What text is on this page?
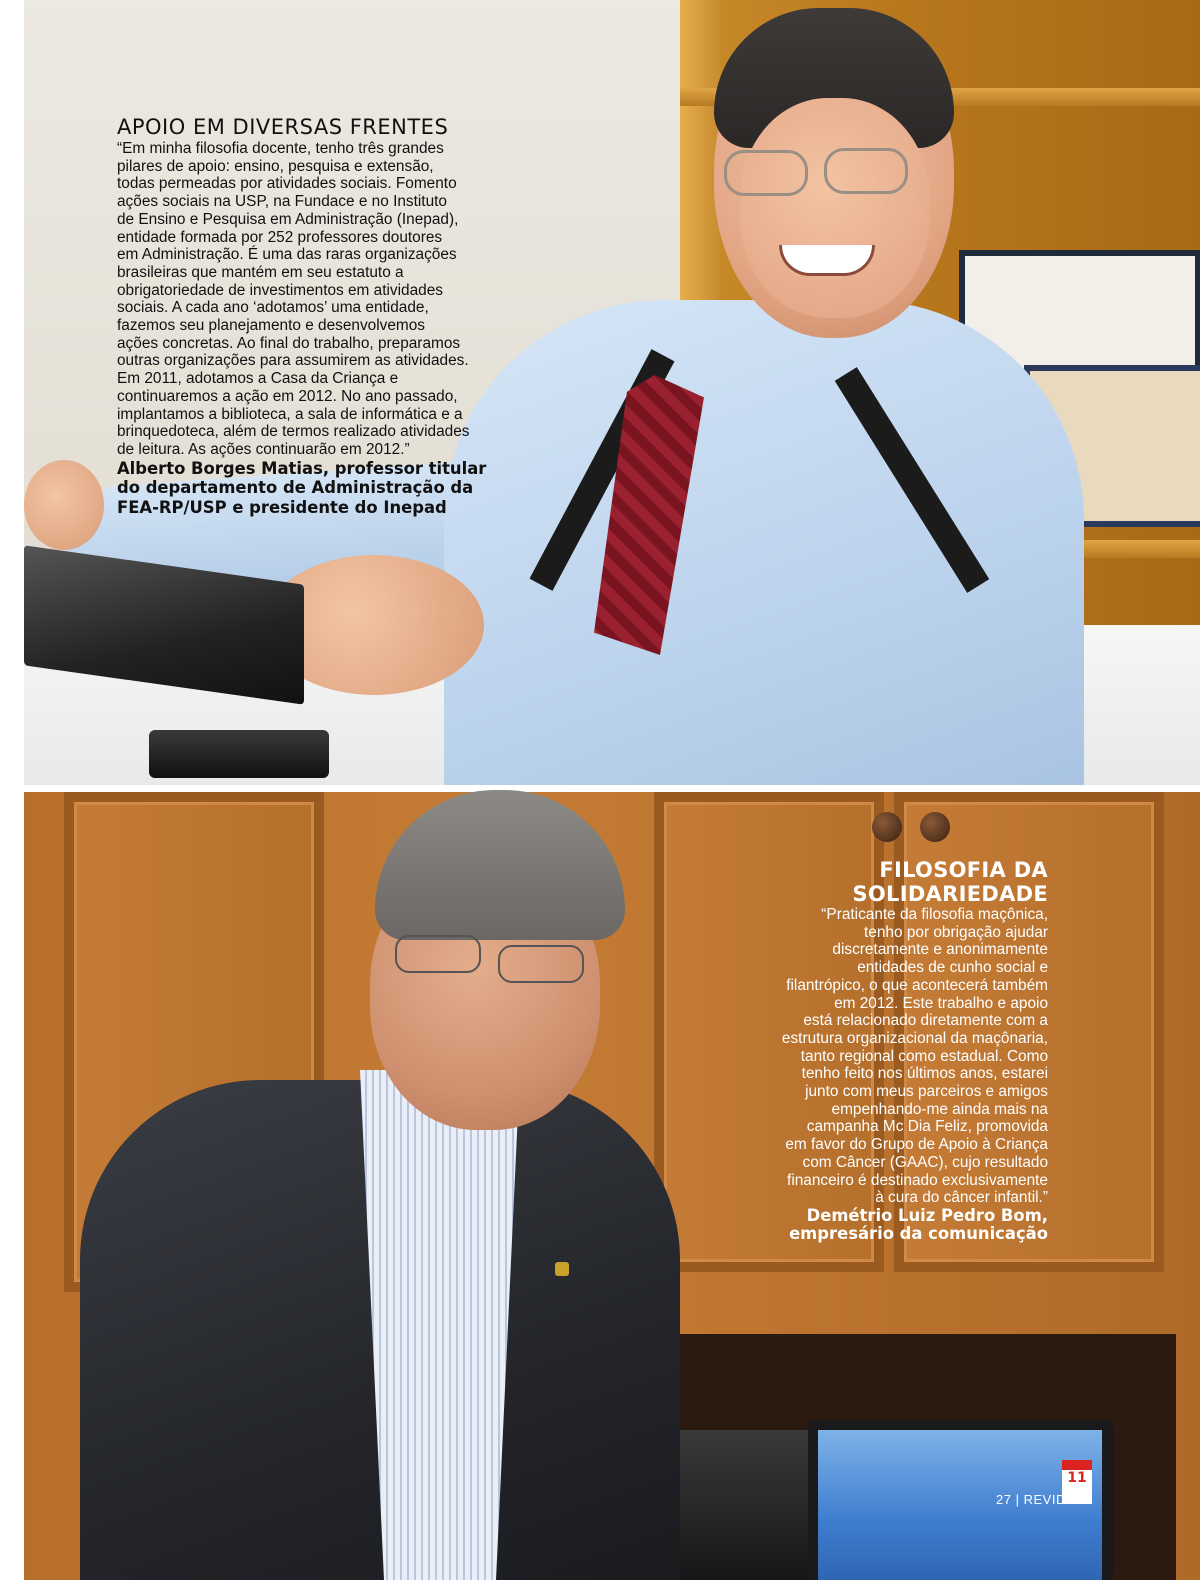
11
APOIO EM DIVERSAS FRENTES

“Em minha filosofia docente, tenho três grandes

pilares de apoio: ensino, pesquisa e extensão,

todas permeadas por atividades sociais. Fomento

ações sociais na USP, na Fundace e no Instituto

de Ensino e Pesquisa em Administração (Inepad),

entidade formada por 252 professores doutores

em Administração. É uma das raras organizações

brasileiras que mantém em seu estatuto a

obrigatoriedade de investimentos em atividades

sociais. A cada ano ‘adotamos’ uma entidade,

fazemos seu planejamento e desenvolvemos

ações concretas. Ao final do trabalho, preparamos

outras organizações para assumirem as atividades.

Em 2011, adotamos a Casa da Criança e

continuaremos a ação em 2012. No ano passado,

implantamos a biblioteca, a sala de informática e a

brinquedoteca, além de termos realizado atividades

de leitura. As ações continuarão em 2012.”

Alberto Borges Matias, professor titular

do departamento de Administração da

FEA-RP/USP e presidente do Inepad

FILOSOFIA DA
SOLIDARIEDADE

“Praticante da filosofia maçônica,

tenho por obrigação ajudar

discretamente e anonimamente

entidades de cunho social e

filantrópico, o que acontecerá também

em 2012. Este trabalho e apoio

está relacionado diretamente com a

estrutura organizacional da maçônaria,

tanto regional como estadual. Como

tenho feito nos últimos anos, estarei

junto com meus parceiros e amigos

empenhando-me ainda mais na

campanha Mc Dia Feliz, promovida

em favor do Grupo de Apoio à Criança

com Câncer (GAAC), cujo resultado

financeiro é destinado exclusivamente

à cura do câncer infantil.”

Demétrio Luiz Pedro Bom,

empresário da comunicação

27 | REVIDE
